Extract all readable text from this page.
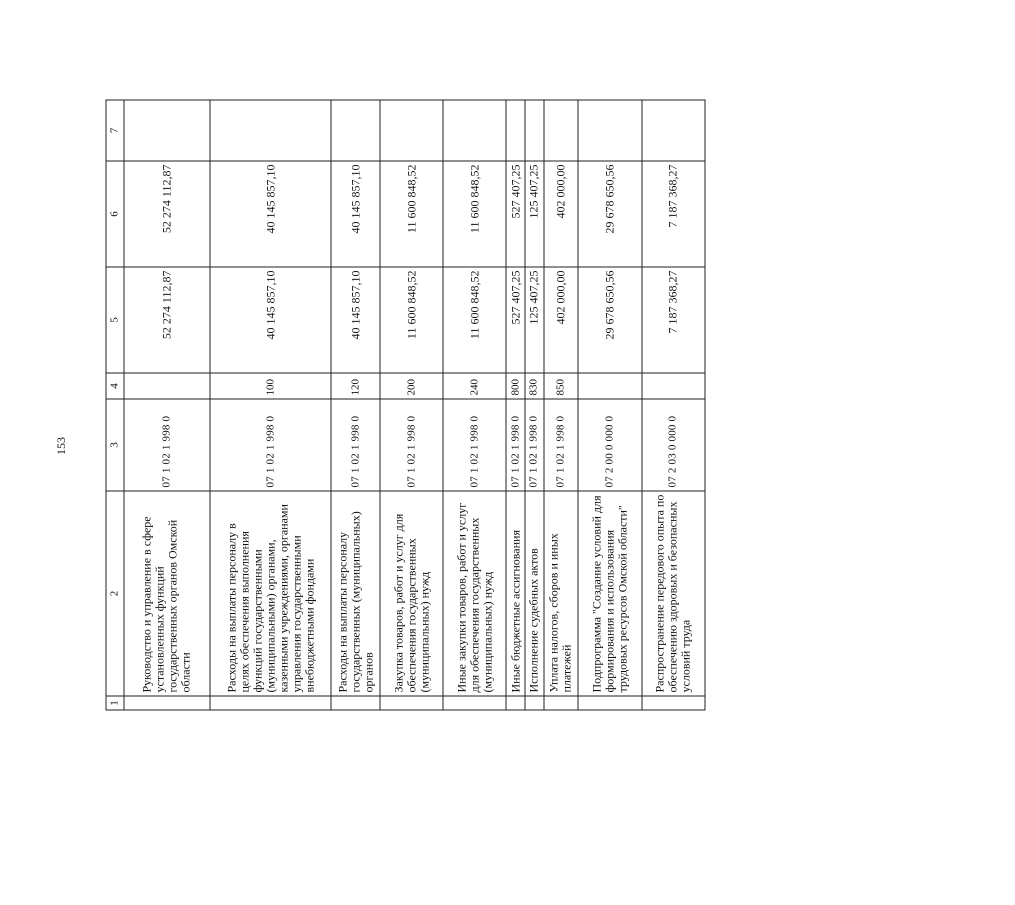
153
1	2	3	4	5	6	7
	Руководство и управление в сфере установленных функций государственных органов Омской области	07 1 02 1 998 0		52 274 112,87	52 274 112,87	
	Расходы на выплаты персоналу в целях обеспечения выполнения функций государственными (муниципальными) органами, казенными учреждениями, органами управления государственными внебюджетными фондами	07 1 02 1 998 0	100	40 145 857,10	40 145 857,10	
	Расходы на выплаты персоналу государственных (муниципальных) органов	07 1 02 1 998 0	120	40 145 857,10	40 145 857,10	
	Закупка товаров, работ и услуг для обеспечения государственных (муниципальных) нужд	07 1 02 1 998 0	200	11 600 848,52	11 600 848,52	
	Иные закупки товаров, работ и услуг для обеспечения государственных (муниципальных) нужд	07 1 02 1 998 0	240	11 600 848,52	11 600 848,52	
	Иные бюджетные ассигнования	07 1 02 1 998 0	800	527 407,25	527 407,25	
	Исполнение судебных актов	07 1 02 1 998 0	830	125 407,25	125 407,25	
	Уплата налогов, сборов и иных платежей	07 1 02 1 998 0	850	402 000,00	402 000,00	
	Подпрограмма "Создание условий для формирования и использования трудовых ресурсов Омской области"	07 2 00 0 000 0		29 678 650,56	29 678 650,56	
	Распространение передового опыта по обеспечению здоровых и безопасных условий труда	07 2 03 0 000 0		7 187 368,27	7 187 368,27	
